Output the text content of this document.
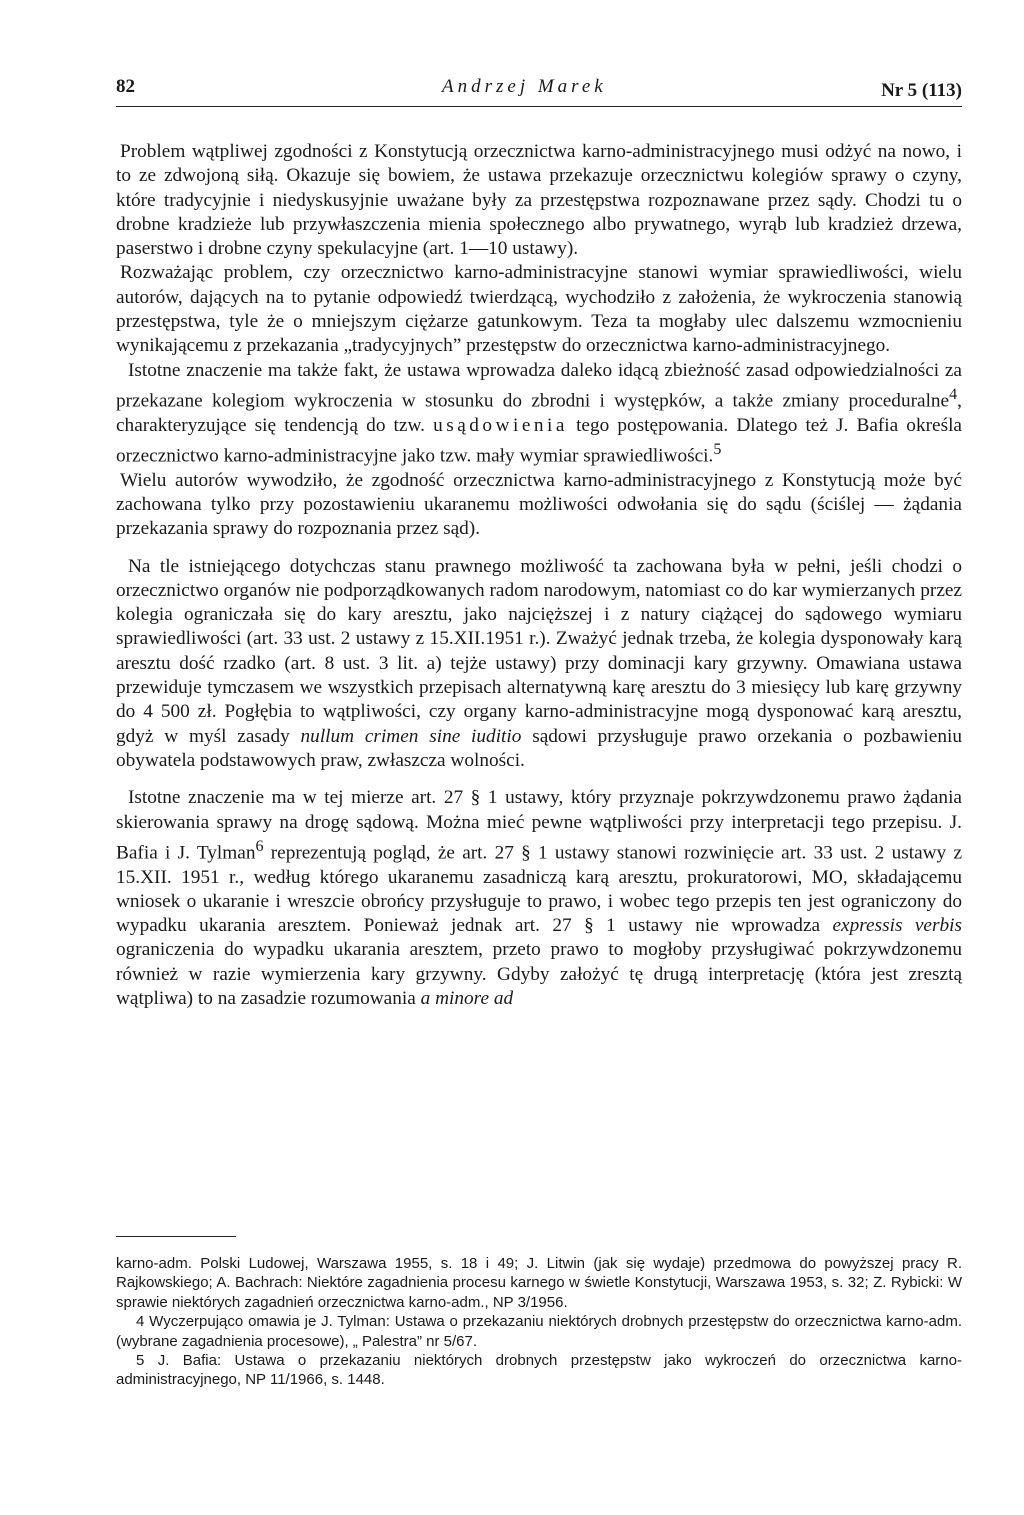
82	Andrzej Marek	Nr 5 (113)

Problem wątpliwej zgodności z Konstytucją orzecznictwa karno-administracyjnego musi odżyć na nowo, i to ze zdwojoną siłą. Okazuje się bowiem, że ustawa przekazuje orzecznictwu kolegiów sprawy o czyny, które tradycyjnie i niedyskusyjnie uważane były za przestępstwa rozpoznawane przez sądy. Chodzi tu o drobne kradzieże lub przywłaszczenia mienia społecznego albo prywatnego, wyrąb lub kradzież drzewa, paserstwo i drobne czyny spekulacyjne (art. 1—10 ustawy).

Rozważając problem, czy orzecznictwo karno-administracyjne stanowi wymiar sprawiedliwości, wielu autorów, dających na to pytanie odpowiedź twierdzącą, wychodziło z założenia, że wykroczenia stanowią przestępstwa, tyle że o mniejszym ciężarze gatunkowym. Teza ta mogłaby ulec dalszemu wzmocnieniu wynikającemu z przekazania „tradycyjnych” przestępstw do orzecznictwa karno-administracyjnego.

Istotne znaczenie ma także fakt, że ustawa wprowadza daleko idącą zbieżność zasad odpowiedzialności za przekazane kolegiom wykroczenia w stosunku do zbrodni i występków, a także zmiany proceduralne$^4$, charakteryzujące się tendencją do tzw. usądowienia tego postępowania. Dlatego też J. Bafia określa orzecznictwo karno-administracyjne jako tzw. mały wymiar sprawiedliwości.$^5$

Wielu autorów wywodziło, że zgodność orzecznictwa karno-administracyjnego z Konstytucją może być zachowana tylko przy pozostawieniu ukaranemu możliwości odwołania się do sądu (ściślej — żądania przekazania sprawy do rozpoznania przez sąd).

Na tle istniejącego dotychczas stanu prawnego możliwość ta zachowana była w pełni, jeśli chodzi o orzecznictwo organów nie podporządkowanych radom narodowym, natomiast co do kar wymierzanych przez kolegia ograniczała się do kary aresztu, jako najcięższej i z natury ciążącej do sądowego wymiaru sprawiedliwości (art. 33 ust. 2 ustawy z 15.XII.1951 r.). Zważyć jednak trzeba, że kolegia dysponowały karą aresztu dość rzadko (art. 8 ust. 3 lit. a) tejże ustawy) przy dominacji kary grzywny. Omawiana ustawa przewiduje tymczasem we wszystkich przepisach alternatywną karę aresztu do 3 miesięcy lub karę grzywny do 4 500 zł. Pogłębia to wątpliwości, czy organy karno-administracyjne mogą dysponować karą aresztu, gdyż w myśl zasady nullum crimen sine iuditio sądowi przysługuje prawo orzekania o pozbawieniu obywatela podstawowych praw, zwłaszcza wolności.

Istotne znaczenie ma w tej mierze art. 27 § 1 ustawy, który przyznaje pokrzywdzonemu prawo żądania skierowania sprawy na drogę sądową. Można mieć pewne wątpliwości przy interpretacji tego przepisu. J. Bafia i J. Tylman$^6$ reprezentują pogląd, że art. 27 § 1 ustawy stanowi rozwinięcie art. 33 ust. 2 ustawy z 15.XII. 1951 r., według którego ukaranemu zasadniczą karą aresztu, prokuratorowi, MO, składającemu wniosek o ukaranie i wreszcie obrońcy przysługuje to prawo, i wobec tego przepis ten jest ograniczony do wypadku ukarania aresztem. Ponieważ jednak art. 27 § 1 ustawy nie wprowadza expressis verbis ograniczenia do wypadku ukarania aresztem, przeto prawo to mogłoby przysługiwać pokrzywdzonemu również w razie wymierzenia kary grzywny. Gdyby założyć tę drugą interpretację (która jest zresztą wątpliwa) to na zasadzie rozumowania a minore ad

karno-adm. Polski Ludowej, Warszawa 1955, s. 18 i 49; J. Litwin (jak się wydaje) przedmowa do powyższej pracy R. Rajkowskiego; A. Bachrach: Niektóre zagadnienia procesu karnego w świetle Konstytucji, Warszawa 1953, s. 32; Z. Rybicki: W sprawie niektórych zagadnień orzecznictwa karno-adm., NP 3/1956.

4 Wyczerpująco omawia je J. Tylman: Ustawa o przekazaniu niektórych drobnych przestępstw do orzecznictwa karno-adm. (wybrane zagadnienia procesowe), „ Palestra” nr 5/67.

5 J. Bafia: Ustawa o przekazaniu niektórych drobnych przestępstw jako wykroczeń do orzecznictwa karno-administracyjnego, NP 11/1966, s. 1448.
